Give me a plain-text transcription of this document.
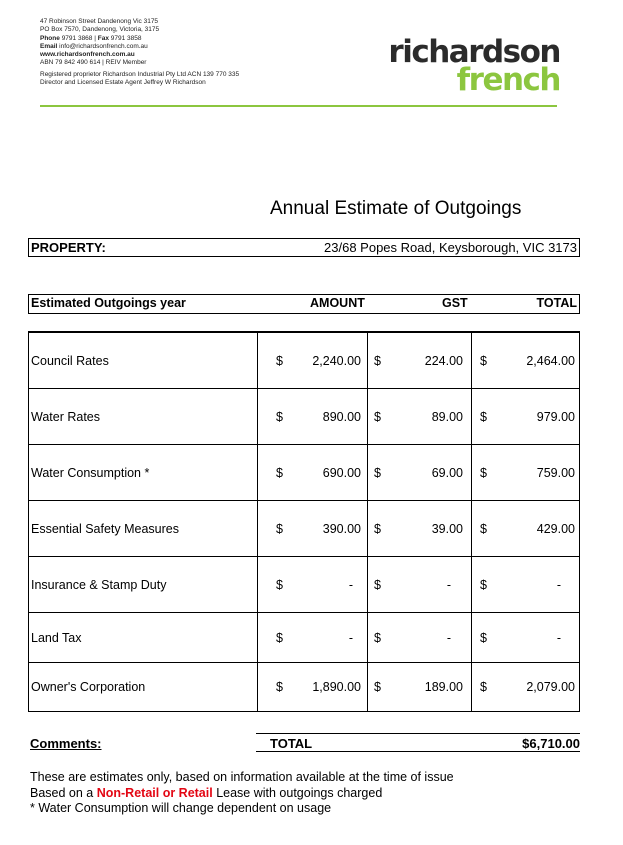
47 Robinson Street Dandenong Vic 3175
PO Box 7570, Dandenong, Victoria, 3175
Phone 9791 3868 | Fax 9791 3858
Email info@richardsonfrench.com.au
www.richardsonfrench.com.au
ABN 79 842 490 614 | REIV Member
Registered proprietor Richardson Industrial Pty Ltd ACN 139 770 335
Director and Licensed Estate Agent Jeffrey W Richardson
richardson
french
Annual Estimate of Outgoings
PROPERTY:	23/68 Popes Road, Keysborough, VIC 3173
Estimated Outgoings year	AMOUNT	GST	TOTAL
Council Rates	$ 2,240.00 $	224.00 $	2,464.00
Water Rates	$	890.00 $	89.00 $	979.00
Water Consumption *	$	690.00 $	69.00 $	759.00
Essential Safety Measures	$	390.00 $	39.00 $	429.00
Insurance & Stamp Duty	$	- $	- $	-
Land Tax	$	- $	- $	-
Owner's Corporation	$ 1,890.00 $	189.00 $	2,079.00
Comments:	TOTAL	$6,710.00
These are estimates only, based on information available at the time of issue
Based on a Non-Retail or Retail Lease with outgoings charged
* Water Consumption will change dependent on usage
